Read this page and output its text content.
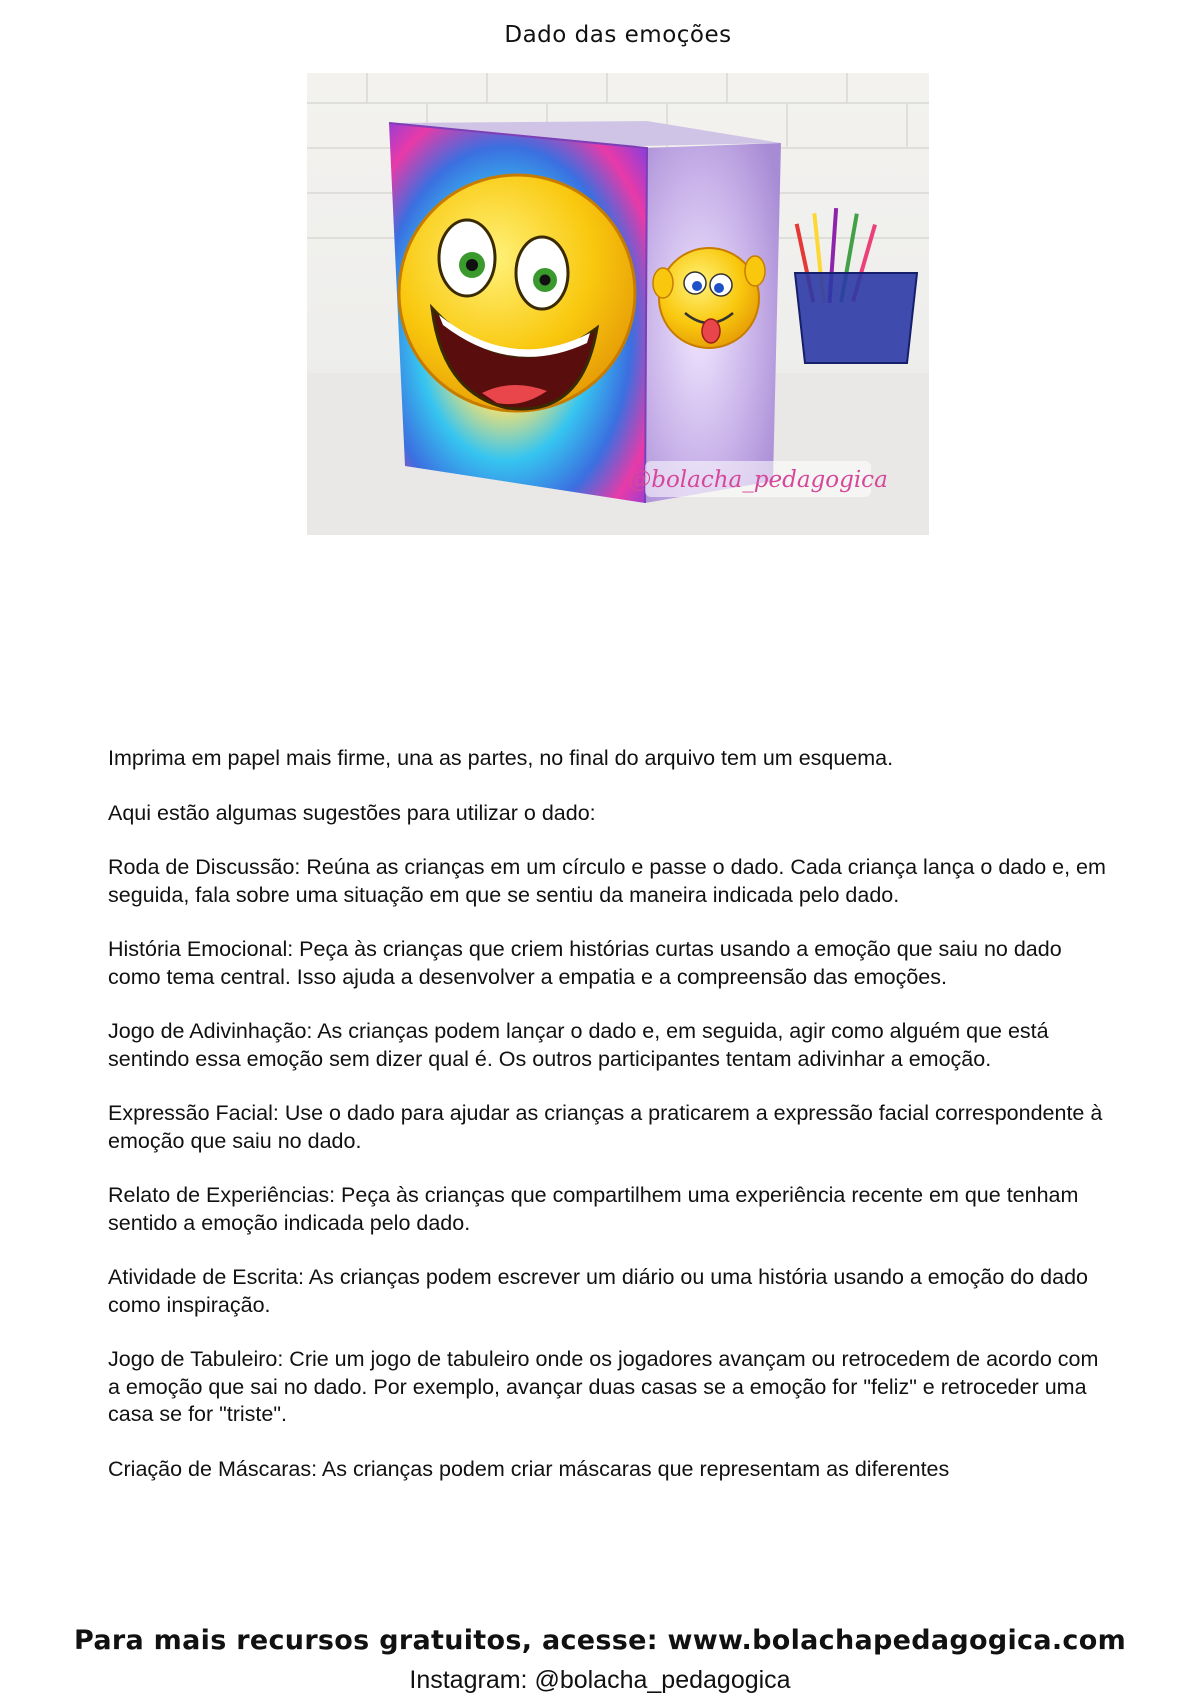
Dado das emoções
@bolacha_pedagogica

Imprima em papel mais firme, una as partes, no final do arquivo tem um esquema.

Aqui estão algumas sugestões para utilizar o dado:

Roda de Discussão: Reúna as crianças em um círculo e passe o dado. Cada criança lança o dado e, em seguida, fala sobre uma situação em que se sentiu da maneira indicada pelo dado.

História Emocional: Peça às crianças que criem histórias curtas usando a emoção que saiu no dado como tema central. Isso ajuda a desenvolver a empatia e a compreensão das emoções.

Jogo de Adivinhação: As crianças podem lançar o dado e, em seguida, agir como alguém que está sentindo essa emoção sem dizer qual é. Os outros participantes tentam adivinhar a emoção.

Expressão Facial: Use o dado para ajudar as crianças a praticarem a expressão facial correspondente à emoção que saiu no dado.

Relato de Experiências: Peça às crianças que compartilhem uma experiência recente em que tenham sentido a emoção indicada pelo dado.

Atividade de Escrita: As crianças podem escrever um diário ou uma história usando a emoção do dado como inspiração.

Jogo de Tabuleiro: Crie um jogo de tabuleiro onde os jogadores avançam ou retrocedem de acordo com a emoção que sai no dado. Por exemplo, avançar duas casas se a emoção for "feliz" e retroceder uma casa se for "triste".

Criação de Máscaras: As crianças podem criar máscaras que representam as diferentes

Para mais recursos gratuitos, acesse: www.bolachapedagogica.com
Instagram: @bolacha_pedagogica
